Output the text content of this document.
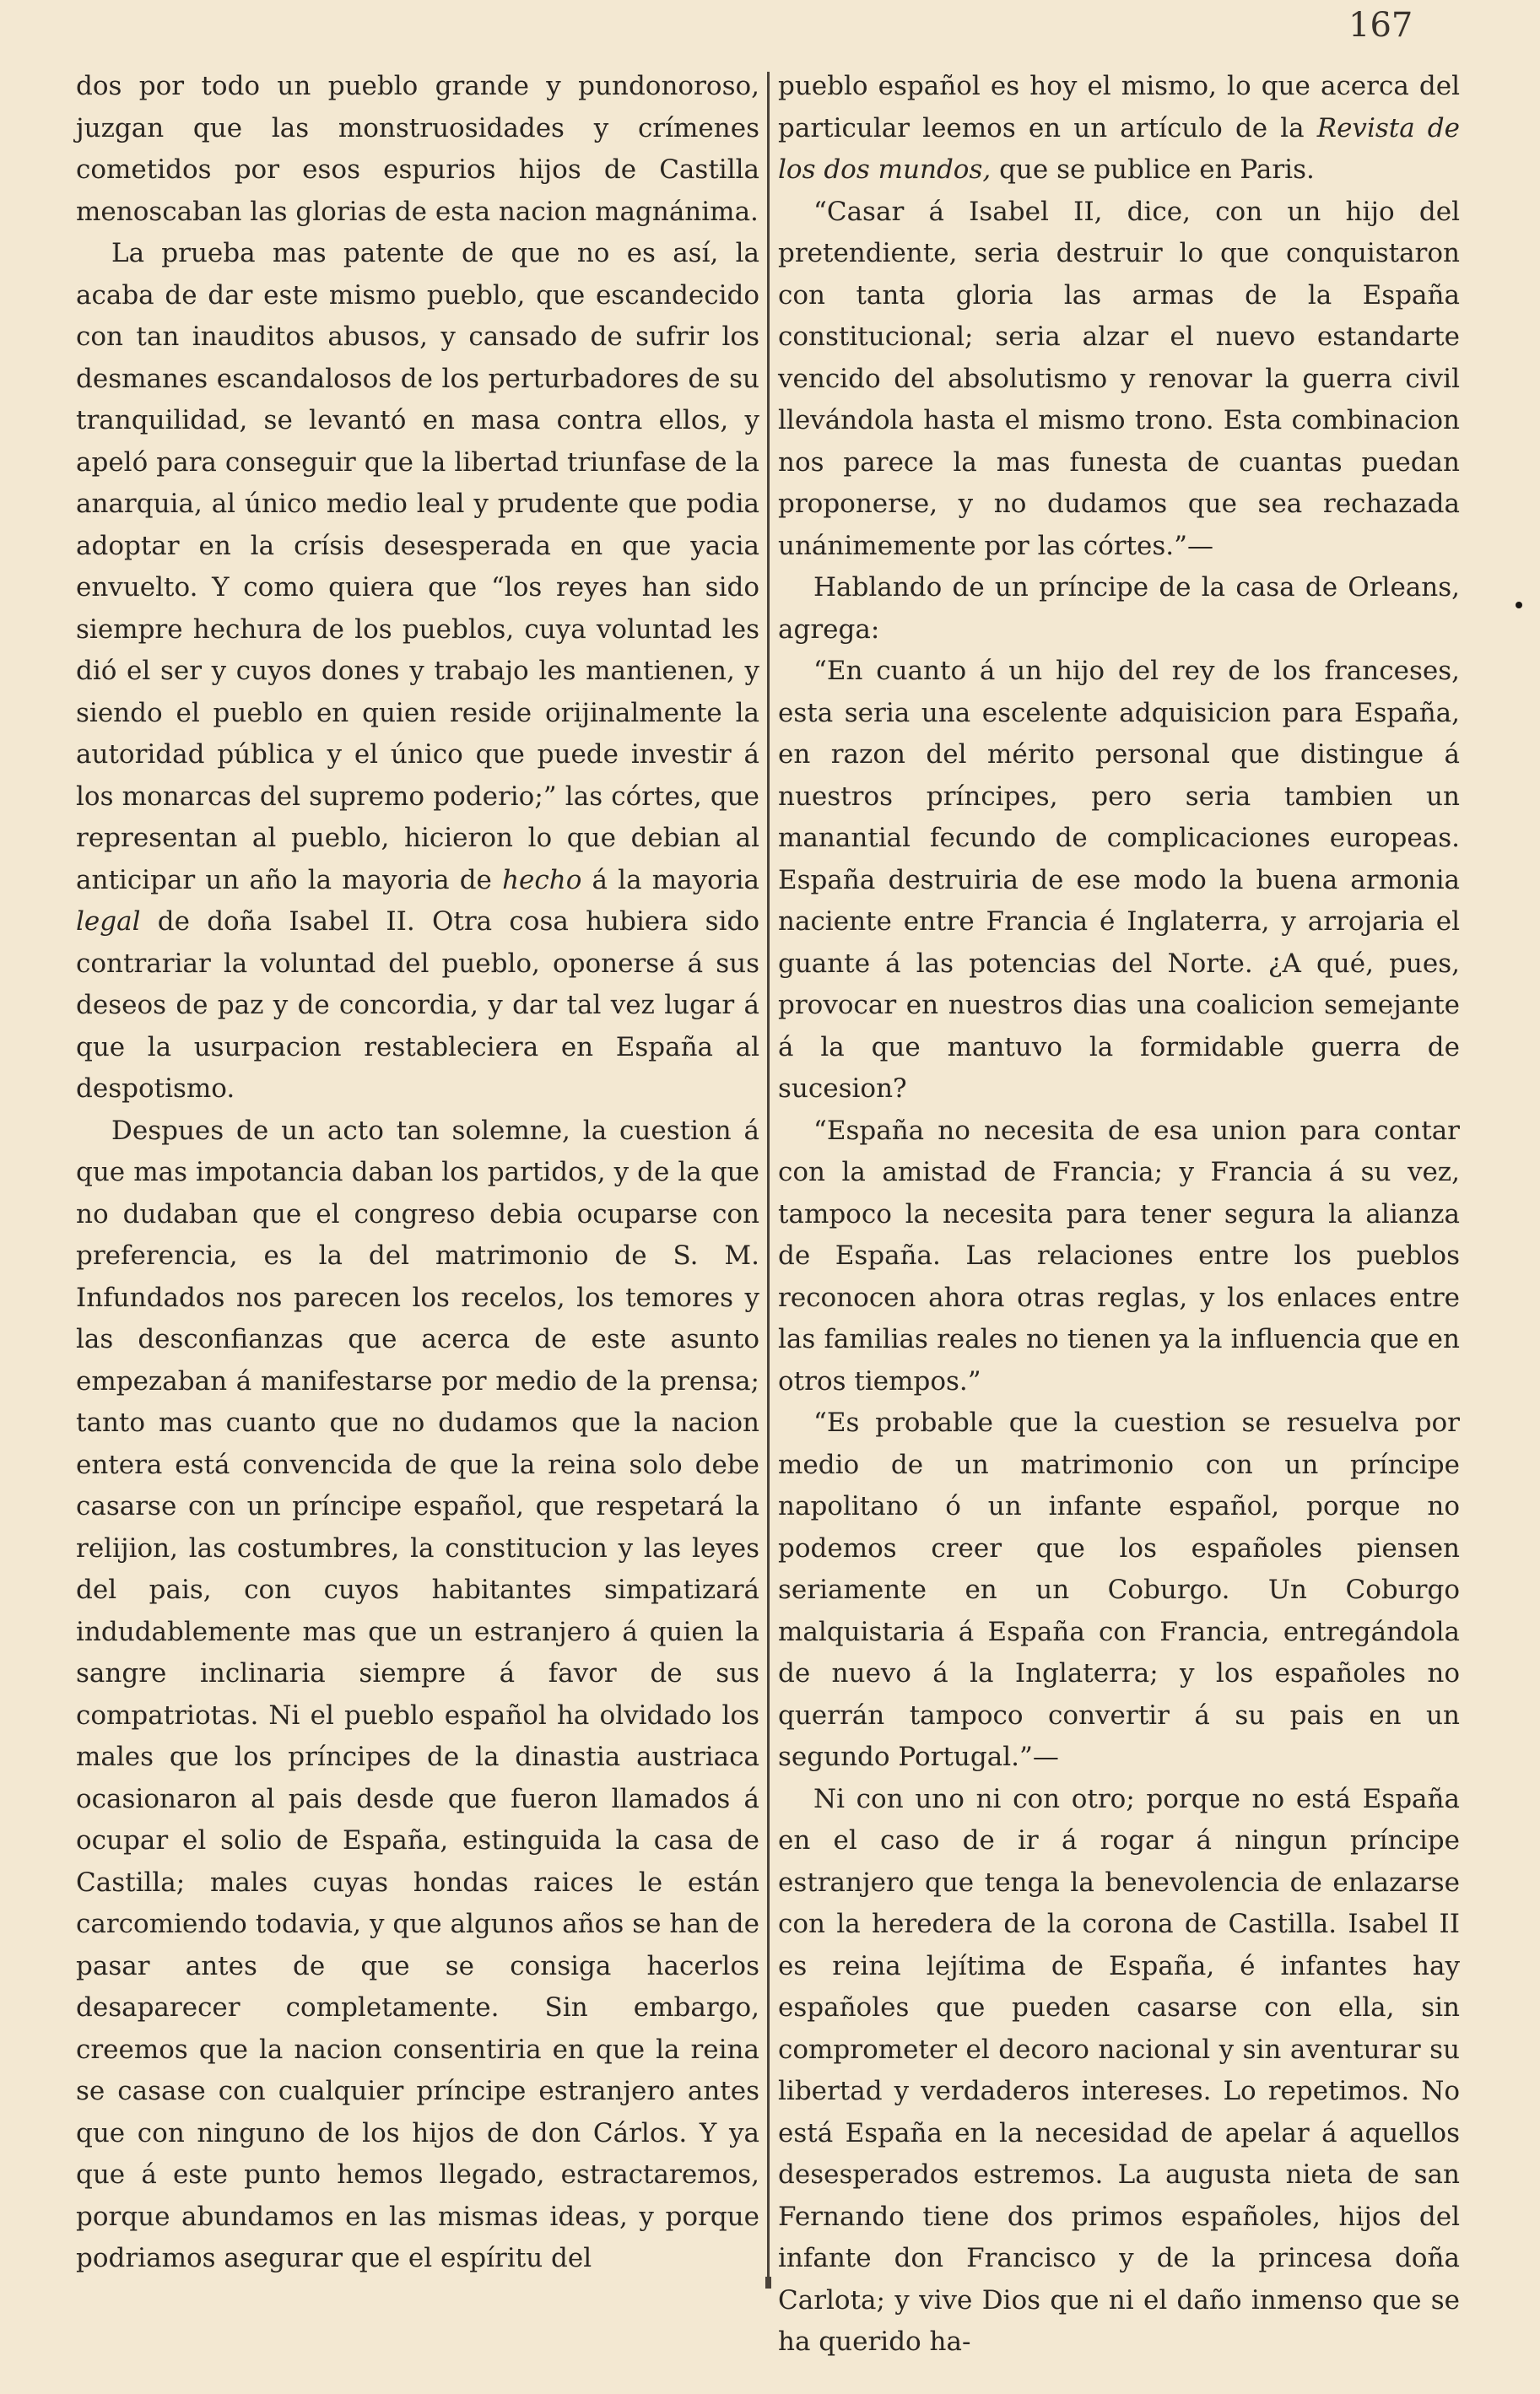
167

dos por todo un pueblo grande y pundonoroso, juzgan que las monstruosidades y crímenes cometidos por esos espurios hijos de Castilla menoscaban las glorias de esta nacion magnánima.

La prueba mas patente de que no es así, la acaba de dar este mismo pueblo, que escandecido con tan inauditos abusos, y cansado de sufrir los desmanes escandalosos de los perturbadores de su tranquilidad, se levantó en masa contra ellos, y apeló para conseguir que la libertad triunfase de la anarquia, al único medio leal y prudente que podia adoptar en la crísis desesperada en que yacia envuelto. Y como quiera que “los reyes han sido siempre hechura de los pueblos, cuya voluntad les dió el ser y cuyos dones y trabajo les mantienen, y siendo el pueblo en quien reside orijinalmente la autoridad pública y el único que puede investir á los monarcas del supremo poderio;” las córtes, que representan al pueblo, hicieron lo que debian al anticipar un año la mayoria de hecho á la mayoria legal de doña Isabel II. Otra cosa hubiera sido contrariar la voluntad del pueblo, oponerse á sus deseos de paz y de concordia, y dar tal vez lugar á que la usurpacion restableciera en España al despotismo.

Despues de un acto tan solemne, la cuestion á que mas impotancia daban los partidos, y de la que no dudaban que el congreso debia ocuparse con preferencia, es la del matrimonio de S. M. Infundados nos parecen los recelos, los temores y las desconfianzas que acerca de este asunto empezaban á manifestarse por medio de la prensa; tanto mas cuanto que no dudamos que la nacion entera está convencida de que la reina solo debe casarse con un príncipe español, que respetará la relijion, las costumbres, la constitucion y las leyes del pais, con cuyos habitantes simpatizará indudablemente mas que un estranjero á quien la sangre inclinaria siempre á favor de sus compatriotas. Ni el pueblo español ha olvidado los males que los príncipes de la dinastia austriaca ocasionaron al pais desde que fueron llamados á ocupar el solio de España, estinguida la casa de Castilla; males cuyas hondas raices le están carcomiendo todavia, y que algunos años se han de pasar antes de que se consiga hacerlos desaparecer completamente. Sin embargo, creemos que la nacion consentiria en que la reina se casase con cualquier príncipe estranjero antes que con ninguno de los hijos de don Cárlos. Y ya que á este punto hemos llegado, estractaremos, porque abundamos en las mismas ideas, y porque podriamos asegurar que el espíritu del

pueblo español es hoy el mismo, lo que acerca del particular leemos en un artículo de la Revista de los dos mundos, que se publice en Paris.

“Casar á Isabel II, dice, con un hijo del pretendiente, seria destruir lo que conquistaron con tanta gloria las armas de la España constitucional; seria alzar el nuevo estandarte vencido del absolutismo y renovar la guerra civil llevándola hasta el mismo trono. Esta combinacion nos parece la mas funesta de cuantas puedan proponerse, y no dudamos que sea rechazada unánimemente por las córtes.”—

Hablando de un príncipe de la casa de Orleans, agrega:

“En cuanto á un hijo del rey de los franceses, esta seria una escelente adquisicion para España, en razon del mérito personal que distingue á nuestros príncipes, pero seria tambien un manantial fecundo de complicaciones europeas. España destruiria de ese modo la buena armonia naciente entre Francia é Inglaterra, y arrojaria el guante á las potencias del Norte. ¿A qué, pues, provocar en nuestros dias una coalicion semejante á la que mantuvo la formidable guerra de sucesion?

“España no necesita de esa union para contar con la amistad de Francia; y Francia á su vez, tampoco la necesita para tener segura la alianza de España. Las relaciones entre los pueblos reconocen ahora otras reglas, y los enlaces entre las familias reales no tienen ya la influencia que en otros tiempos.”

“Es probable que la cuestion se resuelva por medio de un matrimonio con un príncipe napolitano ó un infante español, porque no podemos creer que los españoles piensen seriamente en un Coburgo. Un Coburgo malquistaria á España con Francia, entregándola de nuevo á la Inglaterra; y los españoles no querrán tampoco convertir á su pais en un segundo Portugal.”—

Ni con uno ni con otro; porque no está España en el caso de ir á rogar á ningun príncipe estranjero que tenga la benevolencia de enlazarse con la heredera de la corona de Castilla. Isabel II es reina lejítima de España, é infantes hay españoles que pueden casarse con ella, sin comprometer el decoro nacional y sin aventurar su libertad y verdaderos intereses. Lo repetimos. No está España en la necesidad de apelar á aquellos desesperados estremos. La augusta nieta de san Fernando tiene dos primos españoles, hijos del infante don Francisco y de la princesa doña Carlota; y vive Dios que ni el daño inmenso que se ha querido ha-
